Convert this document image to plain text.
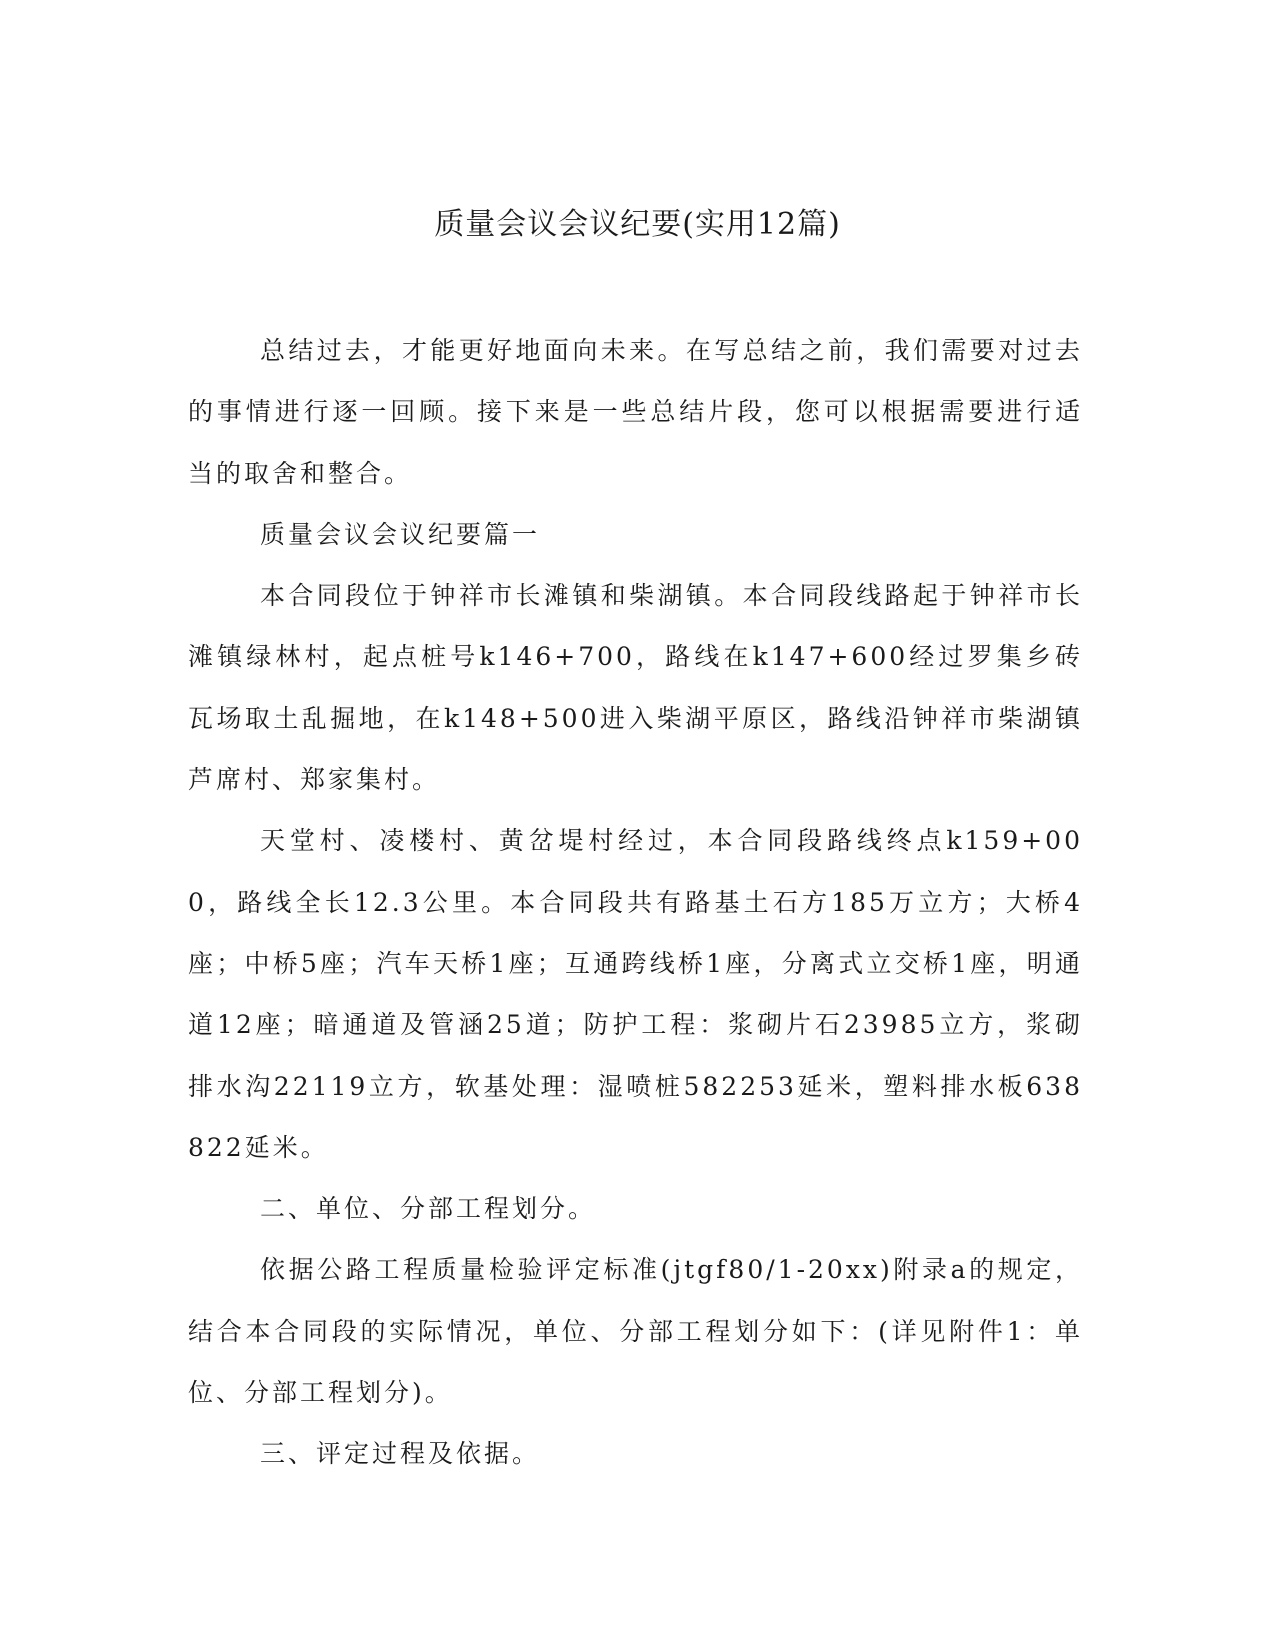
质量会议会议纪要(实用12篇)

总结过去，才能更好地面向未来。在写总结之前，我们需要对过去的事情进行逐一回顾。接下来是一些总结片段，您可以根据需要进行适当的取舍和整合。

质量会议会议纪要篇一

本合同段位于钟祥市长滩镇和柴湖镇。本合同段线路起于钟祥市长滩镇绿林村，起点桩号k146+700，路线在k147+600经过罗集乡砖瓦场取土乱掘地，在k148+500进入柴湖平原区，路线沿钟祥市柴湖镇芦席村、郑家集村。

天堂村、凌楼村、黄岔堤村经过，本合同段路线终点k159+000，路线全长12.3公里。本合同段共有路基土石方185万立方；大桥4座；中桥5座；汽车天桥1座；互通跨线桥1座，分离式立交桥1座，明通道12座；暗通道及管涵25道；防护工程：浆砌片石23985立方，浆砌排水沟22119立方，软基处理：湿喷桩582253延米，塑料排水板638822延米。

二、单位、分部工程划分。

依据公路工程质量检验评定标准(jtgf80/1-20xx)附录a的规定，结合本合同段的实际情况，单位、分部工程划分如下：(详见附件1：单位、分部工程划分)。

三、评定过程及依据。
